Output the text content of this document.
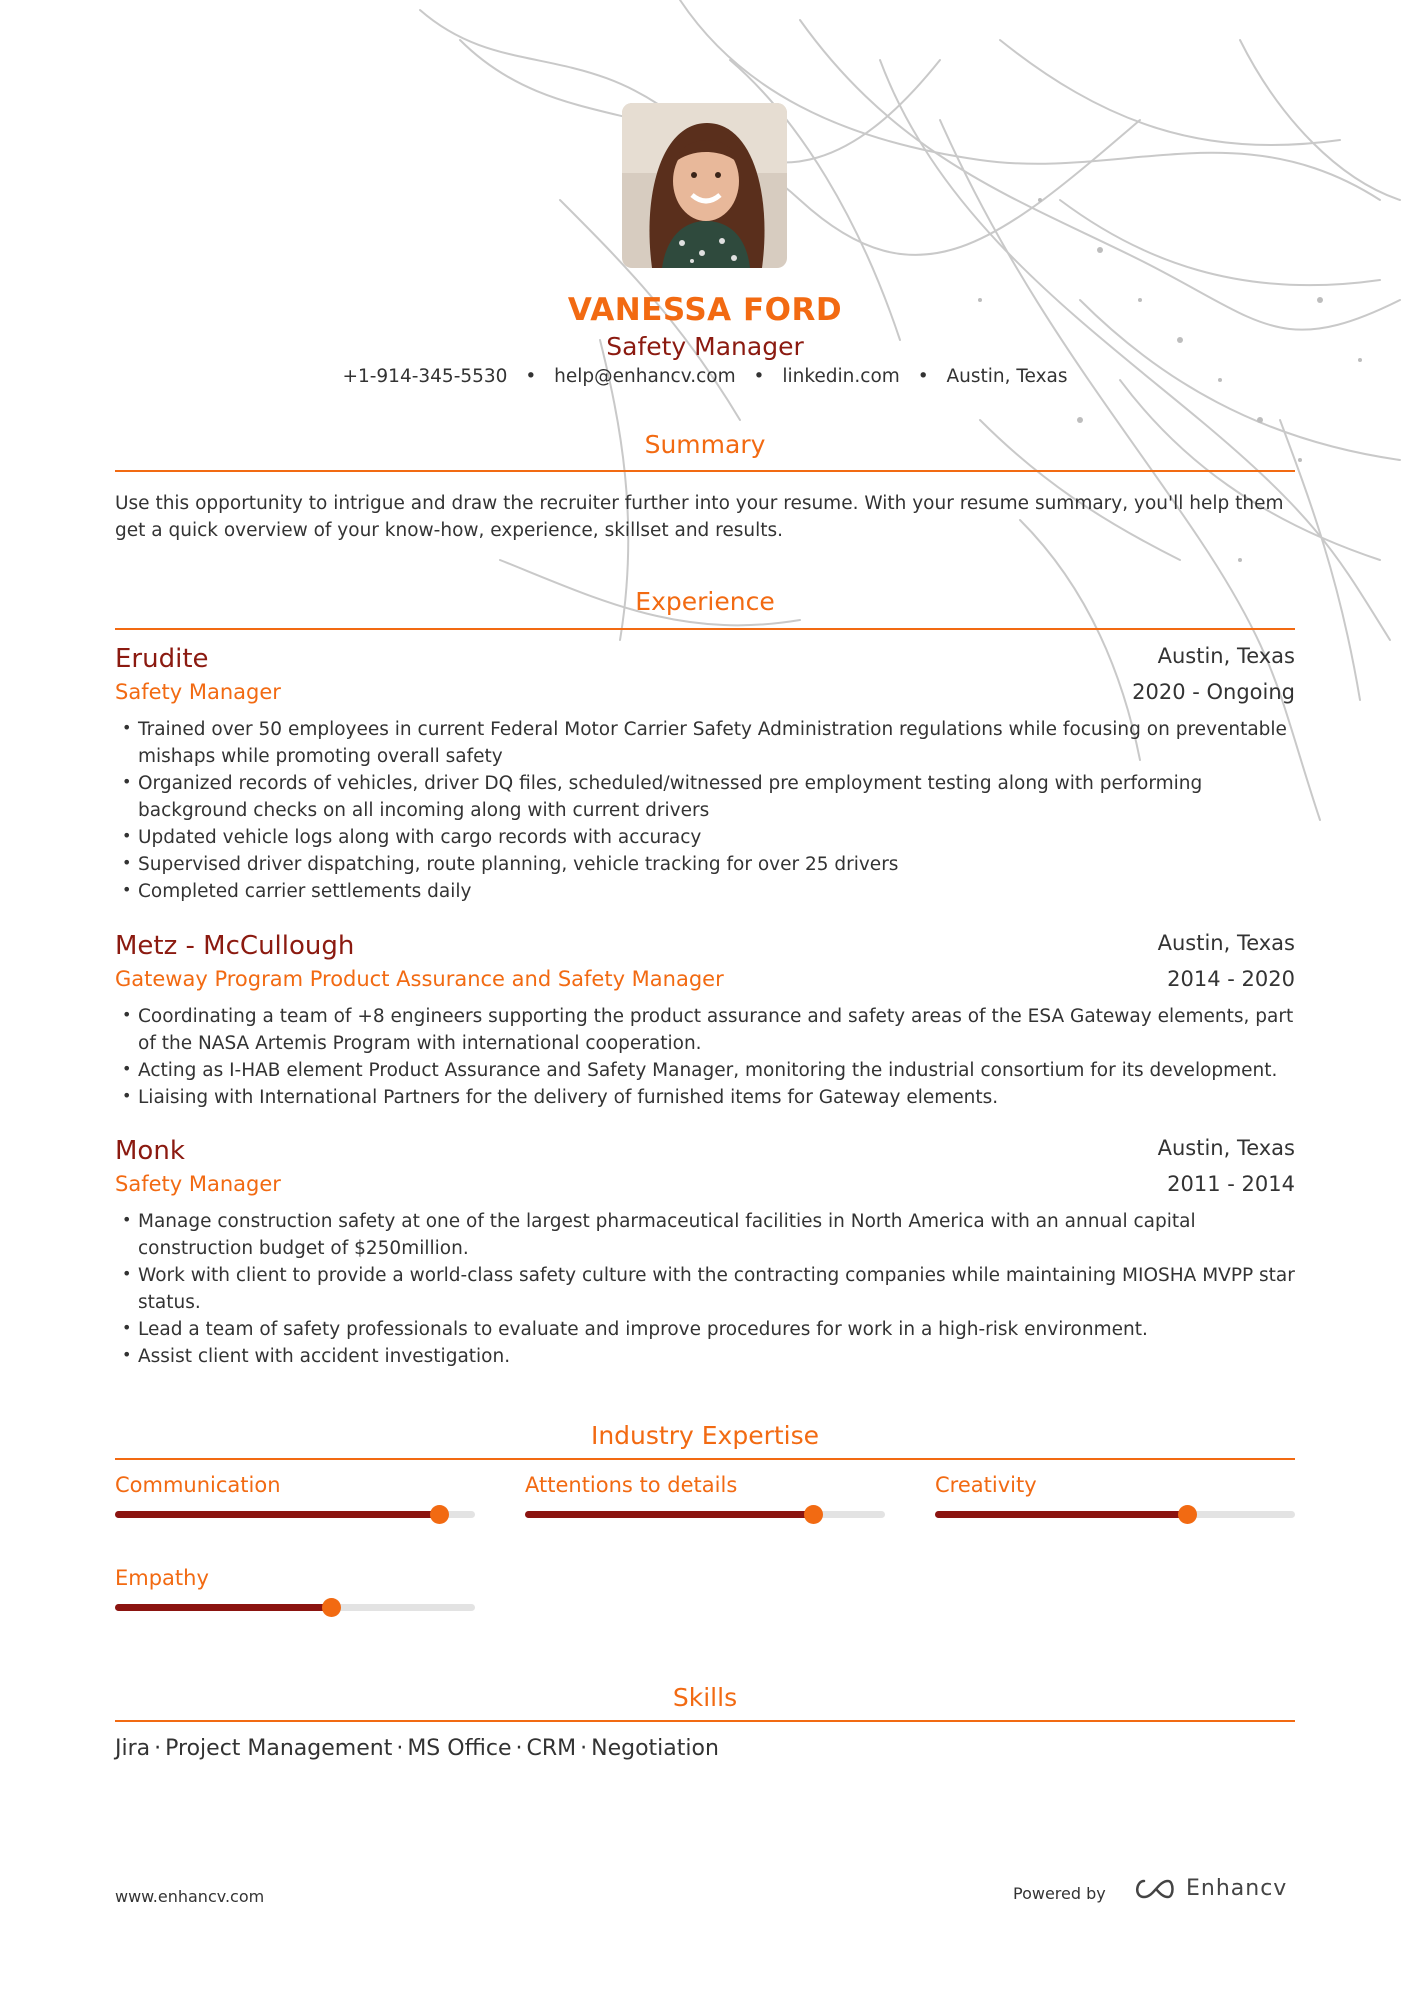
VANESSA FORD
Safety Manager
+1-914-345-5530 • help@enhancv.com • linkedin.com • Austin, Texas
Summary
Use this opportunity to intrigue and draw the recruiter further into your resume. With your resume summary, you'll help them get a quick overview of your know-how, experience, skillset and results.
Experience
Erudite	Austin, Texas
Safety Manager	2020 - Ongoing
• Trained over 50 employees in current Federal Motor Carrier Safety Administration regulations while focusing on preventable mishaps while promoting overall safety
• Organized records of vehicles, driver DQ files, scheduled/witnessed pre employment testing along with performing background checks on all incoming along with current drivers
• Updated vehicle logs along with cargo records with accuracy
• Supervised driver dispatching, route planning, vehicle tracking for over 25 drivers
• Completed carrier settlements daily
Metz - McCullough	Austin, Texas
Gateway Program Product Assurance and Safety Manager	2014 - 2020
• Coordinating a team of +8 engineers supporting the product assurance and safety areas of the ESA Gateway elements, part of the NASA Artemis Program with international cooperation.
• Acting as I-HAB element Product Assurance and Safety Manager, monitoring the industrial consortium for its development.
• Liaising with International Partners for the delivery of furnished items for Gateway elements.
Monk	Austin, Texas
Safety Manager	2011 - 2014
• Manage construction safety at one of the largest pharmaceutical facilities in North America with an annual capital construction budget of $250million.
• Work with client to provide a world-class safety culture with the contracting companies while maintaining MIOSHA MVPP star status.
• Lead a team of safety professionals to evaluate and improve procedures for work in a high-risk environment.
• Assist client with accident investigation.
Industry Expertise
Communication	Attentions to details	Creativity
Empathy
Skills
Jira · Project Management · MS Office · CRM · Negotiation
www.enhancv.com	Powered by	Enhancv
